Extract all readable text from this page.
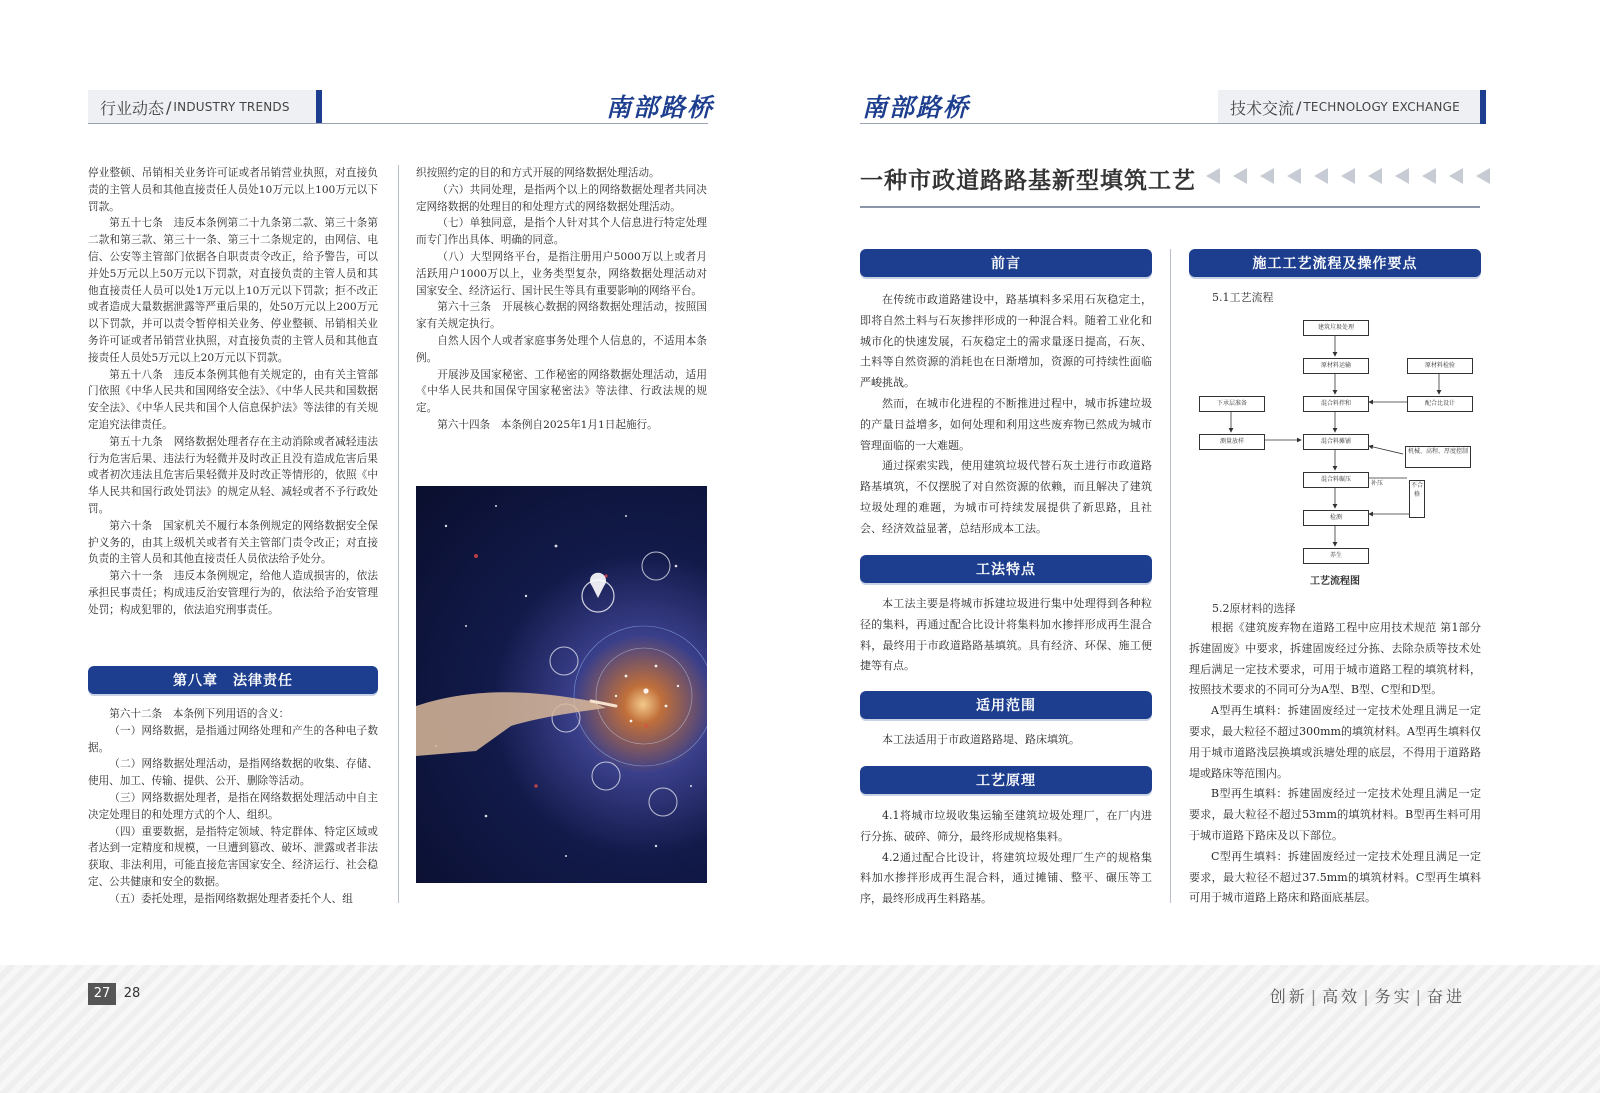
行业动态 / INDUSTRY TRENDS	南部路桥

停业整顿、吊销相关业务许可证或者吊销营业执照，对直接负责的主管人员和其他直接责任人员处10万元以上100万元以下罚款。

第五十七条　违反本条例第二十九条第二款、第三十条第二款和第三款、第三十一条、第三十二条规定的，由网信、电信、公安等主管部门依据各自职责责令改正，给予警告，可以并处5万元以上50万元以下罚款，对直接负责的主管人员和其他直接责任人员可以处1万元以上10万元以下罚款；拒不改正或者造成大量数据泄露等严重后果的，处50万元以上200万元以下罚款，并可以责令暂停相关业务、停业整顿、吊销相关业务许可证或者吊销营业执照，对直接负责的主管人员和其他直接责任人员处5万元以上20万元以下罚款。

第五十八条　违反本条例其他有关规定的，由有关主管部门依照《中华人民共和国网络安全法》、《中华人民共和国数据安全法》、《中华人民共和国个人信息保护法》等法律的有关规定追究法律责任。

第五十九条　网络数据处理者存在主动消除或者减轻违法行为危害后果、违法行为轻微并及时改正且没有造成危害后果或者初次违法且危害后果轻微并及时改正等情形的，依照《中华人民共和国行政处罚法》的规定从轻、减轻或者不予行政处罚。

第六十条　国家机关不履行本条例规定的网络数据安全保护义务的，由其上级机关或者有关主管部门责令改正；对直接负责的主管人员和其他直接责任人员依法给予处分。

第六十一条　违反本条例规定，给他人造成损害的，依法承担民事责任；构成违反治安管理行为的，依法给予治安管理处罚；构成犯罪的，依法追究刑事责任。

第八章　法律责任

第六十二条　本条例下列用语的含义：

（一）网络数据，是指通过网络处理和产生的各种电子数据。

（二）网络数据处理活动，是指网络数据的收集、存储、使用、加工、传输、提供、公开、删除等活动。

（三）网络数据处理者，是指在网络数据处理活动中自主决定处理目的和处理方式的个人、组织。

（四）重要数据，是指特定领域、特定群体、特定区域或者达到一定精度和规模，一旦遭到篡改、破坏、泄露或者非法获取、非法利用，可能直接危害国家安全、经济运行、社会稳定、公共健康和安全的数据。

（五）委托处理，是指网络数据处理者委托个人、组

织按照约定的目的和方式开展的网络数据处理活动。

（六）共同处理，是指两个以上的网络数据处理者共同决定网络数据的处理目的和处理方式的网络数据处理活动。

（七）单独同意，是指个人针对其个人信息进行特定处理而专门作出具体、明确的同意。

（八）大型网络平台，是指注册用户5000万以上或者月活跃用户1000万以上，业务类型复杂，网络数据处理活动对国家安全、经济运行、国计民生等具有重要影响的网络平台。

第六十三条　开展核心数据的网络数据处理活动，按照国家有关规定执行。

自然人因个人或者家庭事务处理个人信息的，不适用本条例。

开展涉及国家秘密、工作秘密的网络数据处理活动，适用《中华人民共和国保守国家秘密法》等法律、行政法规的规定。

第六十四条　本条例自2025年1月1日起施行。

南部路桥	技术交流 / TECHNOLOGY EXCHANGE
一种市政道路路基新型填筑工艺
前言

在传统市政道路建设中，路基填料多采用石灰稳定土，即将自然土料与石灰掺拌形成的一种混合料。随着工业化和城市化的快速发展，石灰稳定土的需求量逐日提高，石灰、土料等自然资源的消耗也在日渐增加，资源的可持续性面临严峻挑战。

然而，在城市化进程的不断推进过程中，城市拆建垃圾的产量日益增多，如何处理和利用这些废弃物已然成为城市管理面临的一大难题。

通过探索实践，使用建筑垃圾代替石灰土进行市政道路路基填筑，不仅摆脱了对自然资源的依赖，而且解决了建筑垃圾处理的难题，为城市可持续发展提供了新思路，且社会、经济效益显著，总结形成本工法。

工法特点

本工法主要是将城市拆建垃圾进行集中处理得到各种粒径的集料，再通过配合比设计将集料加水掺拌形成再生混合料，最终用于市政道路路基填筑。具有经济、环保、施工便捷等有点。

适用范围

本工法适用于市政道路路堤、路床填筑。

工艺原理

4.1将城市垃圾收集运输至建筑垃圾处理厂，在厂内进行分拣、破碎、筛分，最终形成规格集料。

4.2通过配合比设计，将建筑垃圾处理厂生产的规格集料加水掺拌形成再生混合料，通过摊铺、整平、碾压等工序，最终形成再生料路基。

施工工艺流程及操作要点
5.1工艺流程
建筑垃圾处理
原材料运输	原材料检验
混合料拌和	配合比设计
下承层准备
测量放样	混合料摊铺
机械、高程、厚度控制
混合料碾压
补压	不合格
检测
养生
工艺流程图
5.2原材料的选择

根据《建筑废弃物在道路工程中应用技术规范 第1部分拆建固废》中要求，拆建固废经过分拣、去除杂质等技术处理后满足一定技术要求，可用于城市道路工程的填筑材料，按照技术要求的不同可分为A型、B型、C型和D型。

A型再生填料：拆建固废经过一定技术处理且满足一定要求，最大粒径不超过300mm的填筑材料。A型再生填料仅用于城市道路浅层换填或浜塘处理的底层，不得用于道路路堤或路床等范围内。

B型再生填料：拆建固废经过一定技术处理且满足一定要求，最大粒径不超过53mm的填筑材料。B型再生料可用于城市道路下路床及以下部位。

C型再生填料：拆建固废经过一定技术处理且满足一定要求，最大粒径不超过37.5mm的填筑材料。C型再生填料可用于城市道路上路床和路面底基层。

27	28	创新 | 高效 | 务实 | 奋进
